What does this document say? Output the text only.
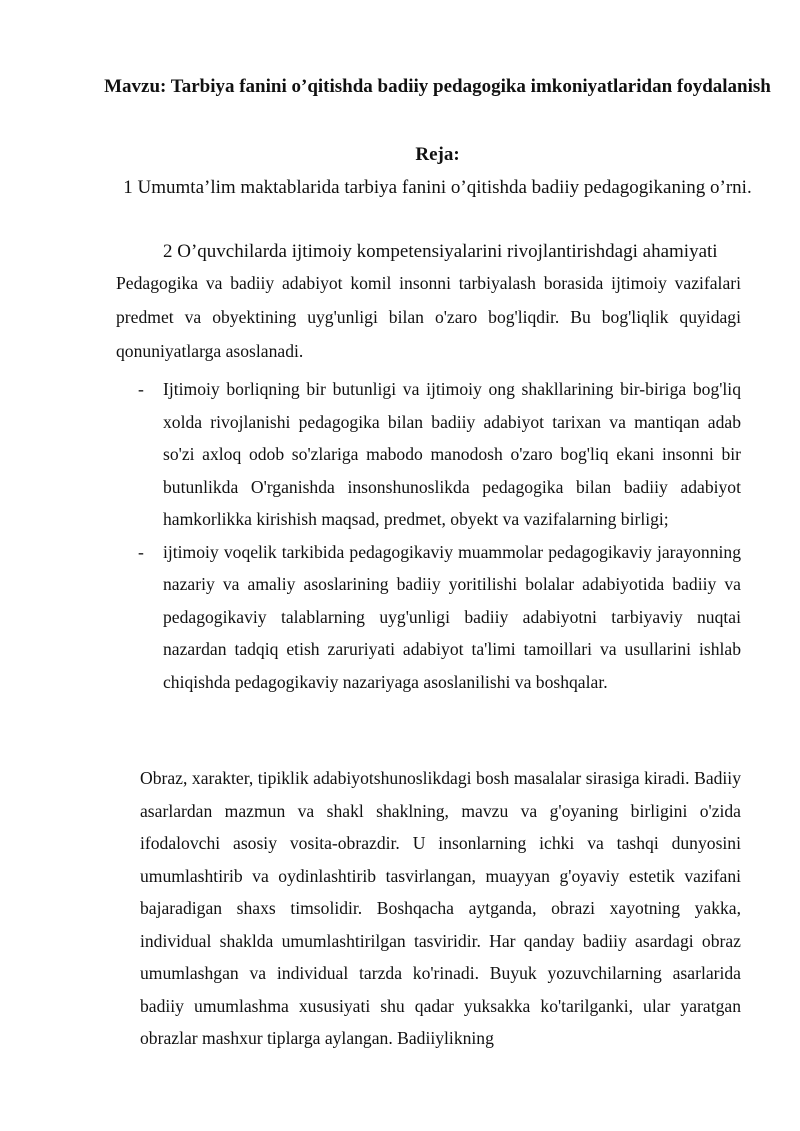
Mavzu: Tarbiya fanini o’qitishda badiiy pedagogika imkoniyatlaridan foydalanish
Reja:

1 Umumta’lim maktablarida tarbiya fanini o’qitishda badiiy pedagogikaning o’rni.

2 O’quvchilarda ijtimoiy kompetensiyalarini rivojlantirishdagi ahamiyati

Pedagogika va badiiy adabiyot komil insonni tarbiyalash borasida ijtimoiy vazifalari predmet va obyektining uyg'unligi bilan o'zaro bog'liqdir. Bu bog'liqlik quyidagi qonuniyatlarga asoslanadi.

- Ijtimoiy borliqning bir butunligi va ijtimoiy ong shakllarining bir-biriga bog'liq xolda rivojlanishi pedagogika bilan badiiy adabiyot tarixan va mantiqan adab so'zi axloq odob so'zlariga mabodo manodosh o'zaro bog'liq ekani insonni bir butunlikda O'rganishda insonshunoslikda pedagogika bilan badiiy adabiyot hamkorlikka kirishish maqsad, predmet, obyekt va vazifalarning birligi;
- ijtimoiy voqelik tarkibida pedagogikaviy muammolar pedagogikaviy jarayonning nazariy va amaliy asoslarining badiiy yoritilishi bolalar adabiyotida badiiy va pedagogikaviy talablarning uyg'unligi badiiy adabiyotni tarbiyaviy nuqtai nazardan tadqiq etish zaruriyati adabiyot ta'limi tamoillari va usullarini ishlab chiqishda pedagogikaviy nazariyaga asoslanilishi va boshqalar.

Obraz, xarakter, tipiklik adabiyotshunoslikdagi bosh masalalar sirasiga kiradi. Badiiy asarlardan mazmun va shakl shaklning, mavzu va g'oyaning birligini o'zida ifodalovchi asosiy vosita-obrazdir. U insonlarning ichki va tashqi dunyosini umumlashtirib va oydinlashtirib tasvirlangan, muayyan g'oyaviy estetik vazifani bajaradigan shaxs timsolidir. Boshqacha aytganda, obrazi xayotning yakka, individual shaklda umumlashtirilgan tasviridir. Har qanday badiiy asardagi obraz umumlashgan va individual tarzda ko'rinadi. Buyuk yozuvchilarning asarlarida badiiy umumlashma xususiyati shu qadar yuksakka ko'tarilganki, ular yaratgan obrazlar mashxur tiplarga aylangan. Badiiylikning
